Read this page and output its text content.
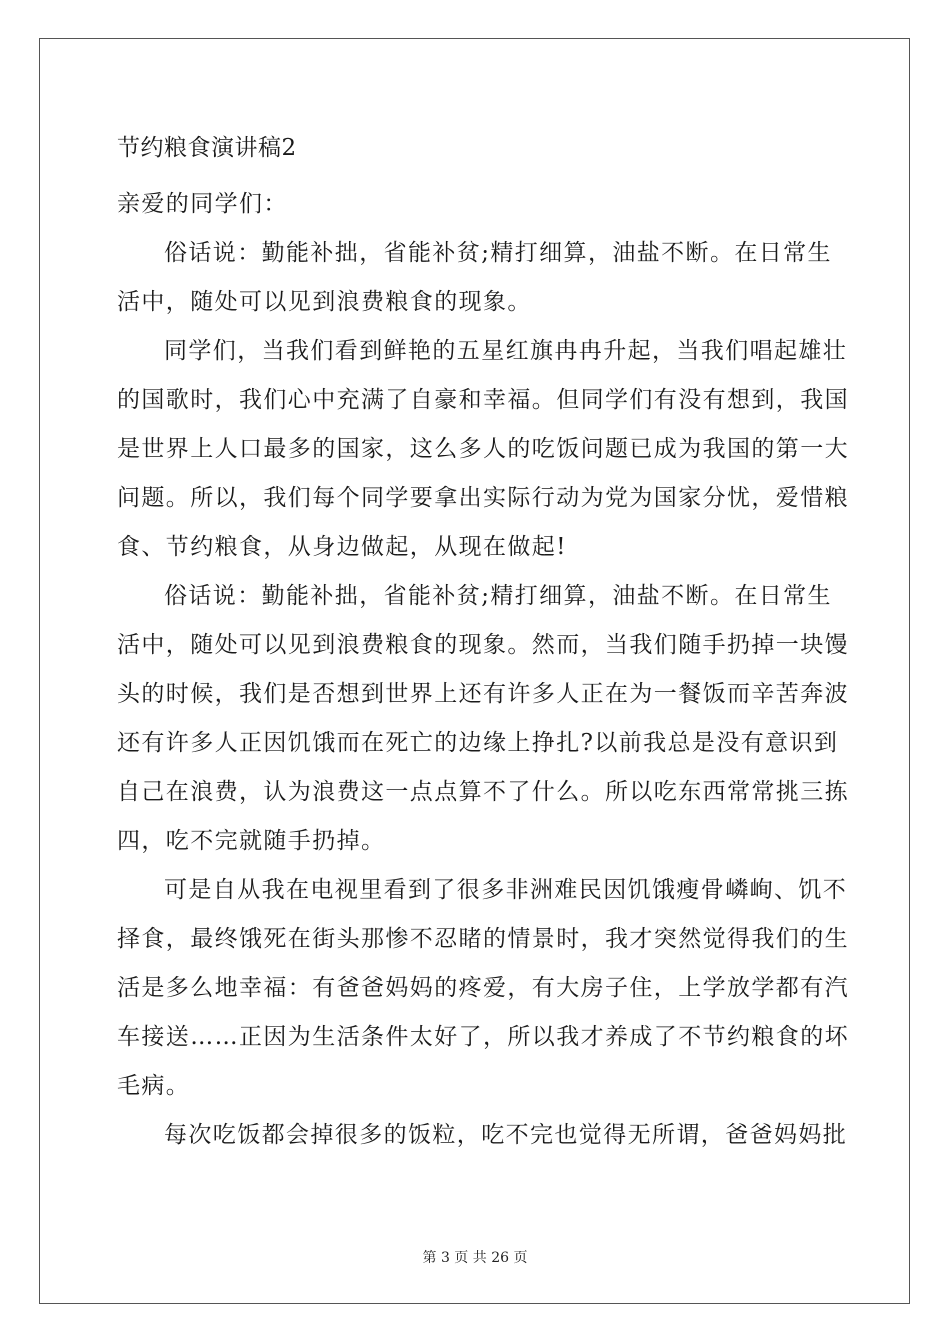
节约粮食演讲稿2
亲爱的同学们：
俗话说：勤能补拙，省能补贫;精打细算，油盐不断。在日常生
活中，随处可以见到浪费粮食的现象。
同学们，当我们看到鲜艳的五星红旗冉冉升起，当我们唱起雄壮
的国歌时，我们心中充满了自豪和幸福。但同学们有没有想到，我国
是世界上人口最多的国家，这么多人的吃饭问题已成为我国的第一大
问题。所以，我们每个同学要拿出实际行动为党为国家分忧，爱惜粮
食、节约粮食，从身边做起，从现在做起!
俗话说：勤能补拙，省能补贫;精打细算，油盐不断。在日常生
活中，随处可以见到浪费粮食的现象。然而，当我们随手扔掉一块馒
头的时候，我们是否想到世界上还有许多人正在为一餐饭而辛苦奔波
还有许多人正因饥饿而在死亡的边缘上挣扎?以前我总是没有意识到
自己在浪费，认为浪费这一点点算不了什么。所以吃东西常常挑三拣
四，吃不完就随手扔掉。
可是自从我在电视里看到了很多非洲难民因饥饿瘦骨嶙峋、饥不
择食，最终饿死在街头那惨不忍睹的情景时，我才突然觉得我们的生
活是多么地幸福：有爸爸妈妈的疼爱，有大房子住，上学放学都有汽
车接送……正因为生活条件太好了，所以我才养成了不节约粮食的坏
毛病。
每次吃饭都会掉很多的饭粒，吃不完也觉得无所谓，爸爸妈妈批
第 3 页 共 26 页
